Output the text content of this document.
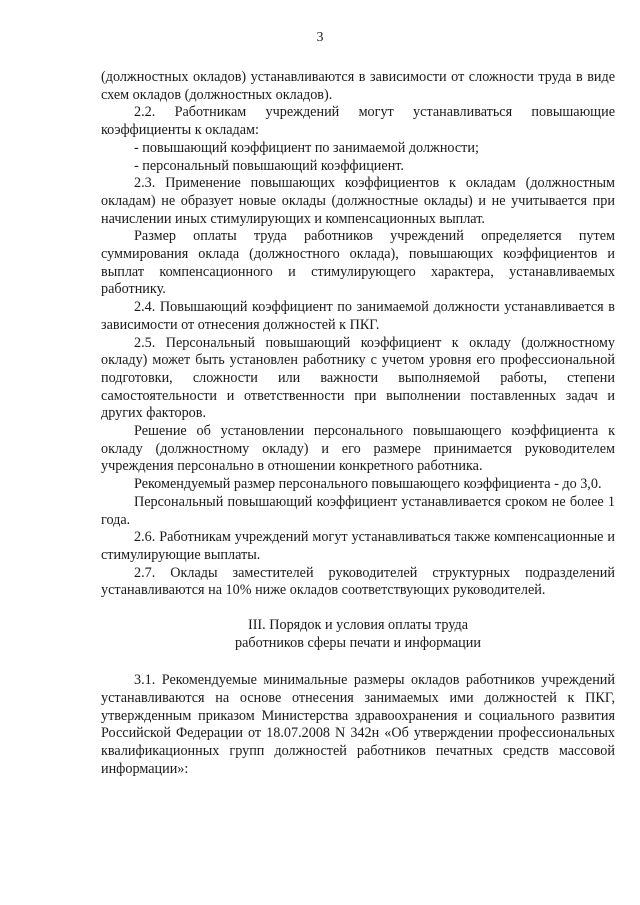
3

(должностных окладов) устанавливаются в зависимости от сложности труда в виде схем окладов (должностных окладов).

2.2. Работникам учреждений могут устанавливаться повышающие коэффициенты к окладам:

- повышающий коэффициент по занимаемой должности;

- персональный повышающий коэффициент.

2.3. Применение повышающих коэффициентов к окладам (должностным окладам) не образует новые оклады (должностные оклады) и не учитывается при начислении иных стимулирующих и компенсационных выплат.

Размер оплаты труда работников учреждений определяется путем суммирования оклада (должностного оклада), повышающих коэффициентов и выплат компенсационного и стимулирующего характера, устанавливаемых работнику.

2.4. Повышающий коэффициент по занимаемой должности устанавливается в зависимости от отнесения должностей к ПКГ.

2.5. Персональный повышающий коэффициент к окладу (должностному окладу) может быть установлен работнику с учетом уровня его профессиональной подготовки, сложности или важности выполняемой работы, степени самостоятельности и ответственности при выполнении поставленных задач и других факторов.

Решение об установлении персонального повышающего коэффициента к окладу (должностному окладу) и его размере принимается руководителем учреждения персонально в отношении конкретного работника.

Рекомендуемый размер персонального повышающего коэффициента - до 3,0.

Персональный повышающий коэффициент устанавливается сроком не более 1 года.

2.6. Работникам учреждений могут устанавливаться также компенсационные и стимулирующие выплаты.

2.7. Оклады заместителей руководителей структурных подразделений устанавливаются на 10% ниже окладов соответствующих руководителей.

III. Порядок и условия оплаты труда
работников сферы печати и информации

3.1. Рекомендуемые минимальные размеры окладов работников учреждений устанавливаются на основе отнесения занимаемых ими должностей к ПКГ, утвержденным приказом Министерства здравоохранения и социального развития Российской Федерации от 18.07.2008 N 342н «Об утверждении профессиональных квалификационных групп должностей работников печатных средств массовой информации»:
